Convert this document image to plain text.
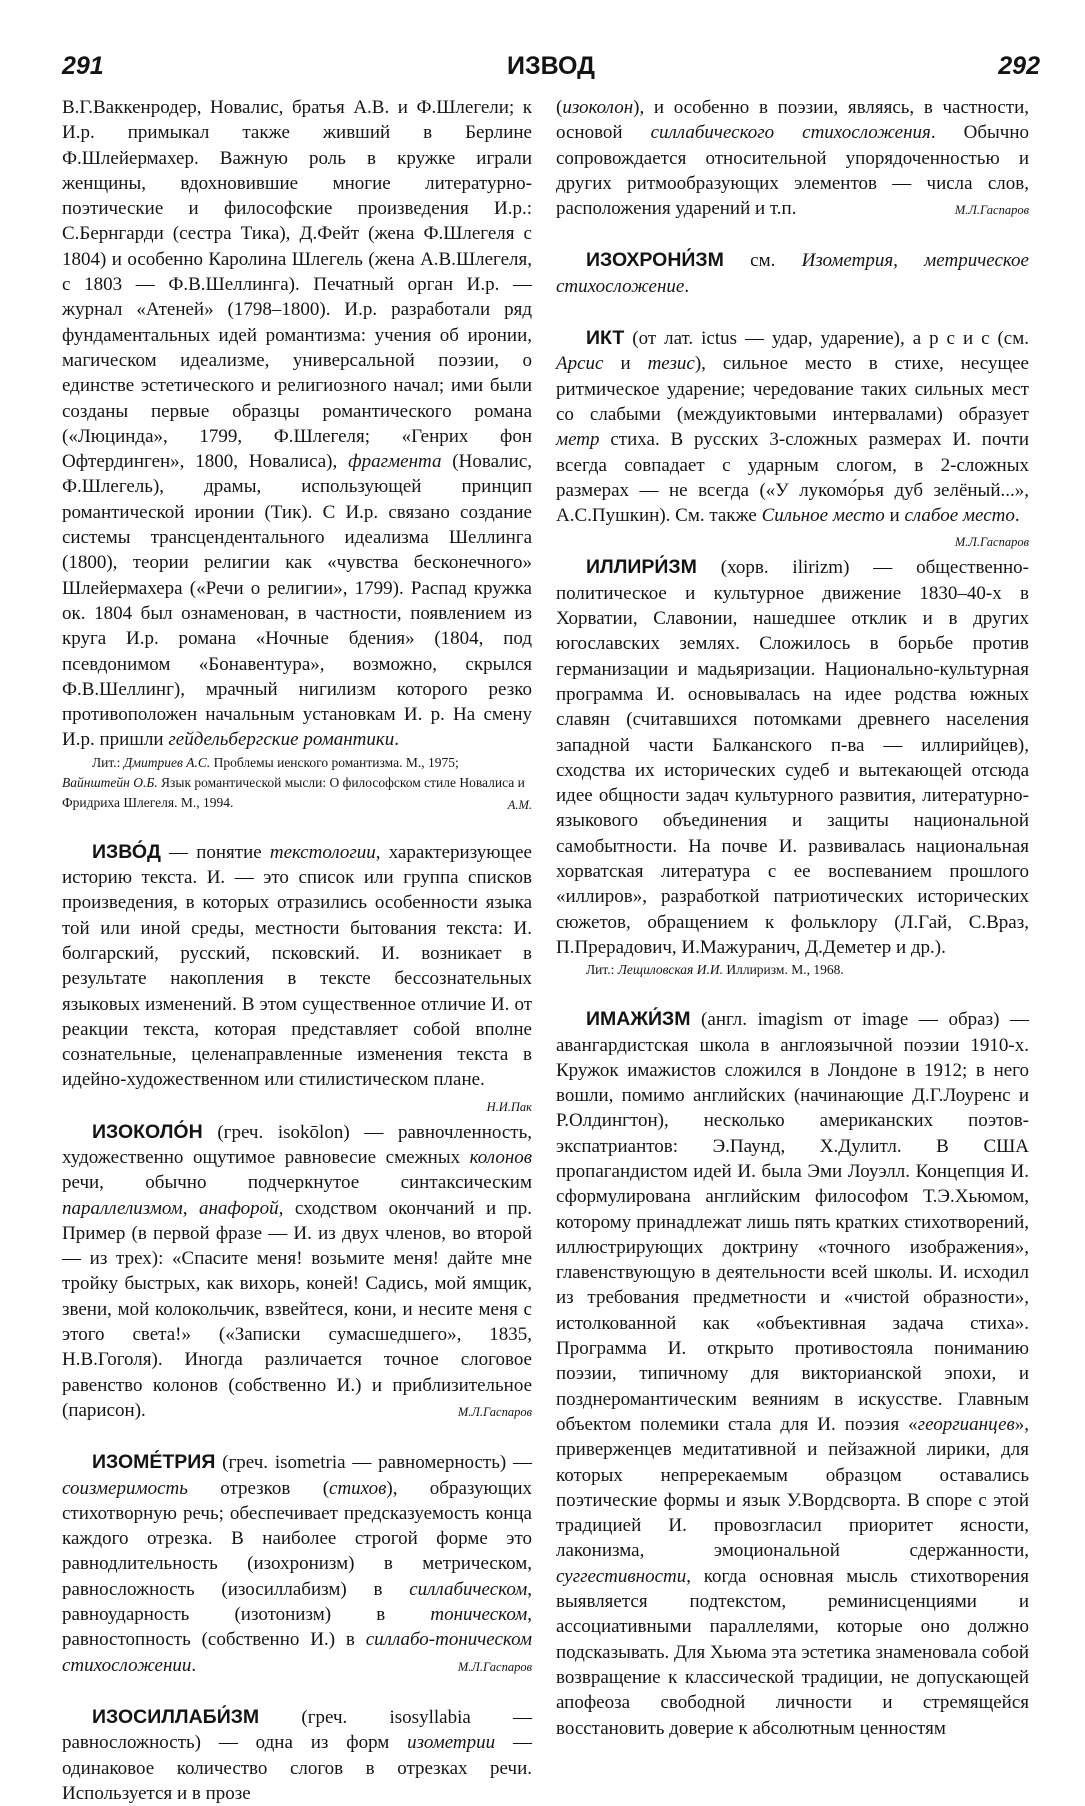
291	ИЗВОД	292

В.Г.Ваккенродер, Новалис, братья А.В. и Ф.Шлегели; к И.р. примыкал также живший в Берлине Ф.Шлейермахер. Важную роль в кружке играли женщины, вдохновившие многие литературно-поэтические и философские произведения И.р.: С.Бернгарди (сестра Тика), Д.Фейт (жена Ф.Шлегеля с 1804) и особенно Каролина Шлегель (жена А.В.Шлегеля, с 1803 — Ф.В.Шеллинга). Печатный орган И.р. — журнал «Атеней» (1798–1800). И.р. разработали ряд фундаментальных идей романтизма: учения об иронии, магическом идеализме, универсальной поэзии, о единстве эстетического и религиозного начал; ими были созданы первые образцы романтического романа («Люцинда», 1799, Ф.Шлегеля; «Генрих фон Офтердинген», 1800, Новалиса), фрагмента (Новалис, Ф.Шлегель), драмы, использующей принцип романтической иронии (Тик). С И.р. связано создание системы трансцендентального идеализма Шеллинга (1800), теории религии как «чувства бесконечного» Шлейермахера («Речи о религии», 1799). Распад кружка ок. 1804 был ознаменован, в частности, появлением из круга И.р. романа «Ночные бдения» (1804, под псевдонимом «Бонавентура», возможно, скрылся Ф.В.Шеллинг), мрачный нигилизм которого резко противоположен начальным установкам И. р. На смену И.р. пришли гейдельбергские романтики.

Лит.: Дмитриев А.С. Проблемы иенского романтизма. М., 1975;
Вайнштейн О.Б. Язык романтической мысли: О философском стиле Новалиса и Фридриха Шлегеля. М., 1994.	А.М.

ИЗВО́Д — понятие текстологии, характеризующее историю текста. И. — это список или группа списков произведения, в которых отразились особенности языка той или иной среды, местности бытования текста: И. болгарский, русский, псковский. И. возникает в результате накопления в тексте бессознательных языковых изменений. В этом существенное отличие И. от реакции текста, которая представляет собой вполне сознательные, целенаправленные изменения текста в идейно-художественном или стилистическом плане.
Н.И.Пак

ИЗОКОЛО́Н (греч. isokōlon) — равночленность, художественно ощутимое равновесие смежных колонов речи, обычно подчеркнутое синтаксическим параллелизмом, анафорой, сходством окончаний и пр. Пример (в первой фразе — И. из двух членов, во второй — из трех): «Спасите меня! возьмите меня! дайте мне тройку быстрых, как вихорь, коней! Садись, мой ямщик, звени, мой колокольчик, взвейтеся, кони, и несите меня с этого света!» («Записки сумасшедшего», 1835, Н.В.Гоголя). Иногда различается точное слоговое равенство колонов (собственно И.) и приблизительное (парисон).	М.Л.Гаспаров

ИЗОМЕ́ТРИЯ (греч. isometria — равномерность) — соизмеримость отрезков (стихов), образующих стихотворную речь; обеспечивает предсказуемость конца каждого отрезка. В наиболее строгой форме это равнодлительность (изохронизм) в метрическом, равносложность (изосиллабизм) в силлабическом, равноударность (изотонизм) в тоническом, равностопность (собственно И.) в силлабо-тоническом стихосложении.	М.Л.Гаспаров

ИЗОСИЛЛАБИ́ЗМ (греч. isosyllabia — равносложность) — одна из форм изометрии — одинаковое количество слогов в отрезках речи. Используется и в прозе

(изоколон), и особенно в поэзии, являясь, в частности, основой силлабического стихосложения. Обычно сопровождается относительной упорядоченностью и других ритмообразующих элементов — числа слов, расположения ударений и т.п.	М.Л.Гаспаров

ИЗОХРОНИ́ЗМ см. Изометрия, метрическое стихосложение.

ИКТ (от лат. ictus — удар, ударение), а р с и с (см. Арсис и тезис), сильное место в стихе, несущее ритмическое ударение; чередование таких сильных мест со слабыми (междуиктовыми интервалами) образует метр стиха. В русских 3-сложных размерах И. почти всегда совпадает с ударным слогом, в 2-сложных размерах — не всегда («У лукомо́рья дуб зелёный...», А.С.Пушкин). См. также Сильное место и слабое место.
М.Л.Гаспаров

ИЛЛИРИ́ЗМ (хорв. ilirizm) — общественно-политическое и культурное движение 1830–40-х в Хорватии, Славонии, нашедшее отклик и в других югославских землях. Сложилось в борьбе против германизации и мадьяризации. Национально-культурная программа И. основывалась на идее родства южных славян (считавшихся потомками древнего населения западной части Балканского п-ва — иллирийцев), сходства их исторических судеб и вытекающей отсюда идее общности задач культурного развития, литературно-языкового объединения и защиты национальной самобытности. На почве И. развивалась национальная хорватская литература с ее воспеванием прошлого «иллиров», разработкой патриотических исторических сюжетов, обращением к фольклору (Л.Гай, С.Враз, П.Прерадович, И.Мажуранич, Д.Деметер и др.).

Лит.: Лещиловская И.И. Иллиризм. М., 1968.

ИМАЖИ́ЗМ (англ. imagism от image — образ) — авангардистская школа в англоязычной поэзии 1910-х. Кружок имажистов сложился в Лондоне в 1912; в него вошли, помимо английских (начинающие Д.Г.Лоуренс и Р.Олдингтон), несколько американских поэтов-экспатриантов: Э.Паунд, Х.Дулитл. В США пропагандистом идей И. была Эми Лоуэлл. Концепция И. сформулирована английским философом Т.Э.Хьюмом, которому принадлежат лишь пять кратких стихотворений, иллюстрирующих доктрину «точного изображения», главенствующую в деятельности всей школы. И. исходил из требования предметности и «чистой образности», истолкованной как «объективная задача стиха». Программа И. открыто противостояла пониманию поэзии, типичному для викторианской эпохи, и позднеромантическим веяниям в искусстве. Главным объектом полемики стала для И. поэзия «георгианцев», приверженцев медитативной и пейзажной лирики, для которых непререкаемым образцом оставались поэтические формы и язык У.Вордсворта. В споре с этой традицией И. провозгласил приоритет ясности, лаконизма, эмоциональной сдержанности, суггестивности, когда основная мысль стихотворения выявляется подтекстом, реминисценциями и ассоциативными параллелями, которые оно должно подсказывать. Для Хьюма эта эстетика знаменовала собой возвращение к классической традиции, не допускающей апофеоза свободной личности и стремящейся восстановить доверие к абсолютным ценностям
